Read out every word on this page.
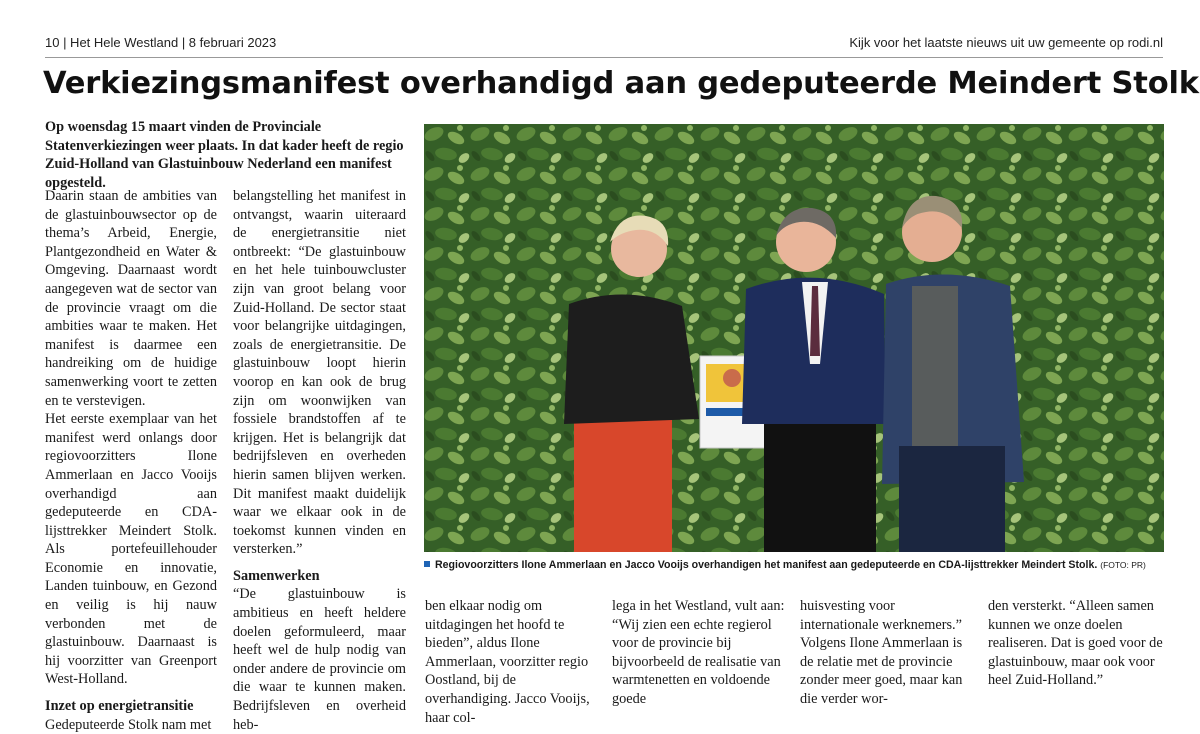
10 | Het Hele Westland | 8 februari 2023	Kijk voor het laatste nieuws uit uw gemeente op rodi.nl
Verkiezingsmanifest overhandigd aan gedeputeerde Meindert Stolk
Op woensdag 15 maart vinden de Provinciale Statenverkiezingen weer plaats. In dat kader heeft de regio Zuid-Holland van Glastuinbouw Nederland een manifest opgesteld.

Daarin staan de ambities van de glastuinbouwsector op de thema’s Arbeid, Energie, Plantgezondheid en Water & Omgeving. Daarnaast wordt aangegeven wat de sector van de provincie vraagt om die ambities waar te maken. Het manifest is daarmee een handreiking om de huidige samenwerking voort te zetten en te verstevigen.

Het eerste exemplaar van het manifest werd onlangs door regiovoorzitters Ilone Ammerlaan en Jacco Vooijs overhandigd aan gedeputeerde en CDA-lijsttrekker Meindert Stolk. Als portefeuillehouder Economie en innovatie, Landen tuinbouw, en Gezond en veilig is hij nauw verbonden met de glastuinbouw. Daarnaast is hij voorzitter van Greenport West-Holland.

Inzet op energietransitie

Gedeputeerde Stolk nam met

belangstelling het manifest in ontvangst, waarin uiteraard de energietransitie niet ontbreekt: “De glastuinbouw en het hele tuinbouwcluster zijn van groot belang voor Zuid-Holland. De sector staat voor belangrijke uitdagingen, zoals de energietransitie. De glastuinbouw loopt hierin voorop en kan ook de brug zijn om woonwijken van fossiele brandstoffen af te krijgen. Het is belangrijk dat bedrijfsleven en overheden hierin samen blijven werken. Dit manifest maakt duidelijk waar we elkaar ook in de toekomst kunnen vinden en versterken.”

Samenwerken

“De glastuinbouw is ambitieus en heeft heldere doelen geformuleerd, maar heeft wel de hulp nodig van onder andere de provincie om die waar te kunnen maken. Bedrijfsleven en overheid heb-

Regiovoorzitters Ilone Ammerlaan en Jacco Vooijs overhandigen het manifest aan gedeputeerde en CDA-lijsttrekker Meindert Stolk. (FOTO: PR)
ben elkaar nodig om uitdagingen het hoofd te bieden”, aldus Ilone Ammerlaan, voorzitter regio Oostland, bij de overhandiging. Jacco Vooijs, haar col-
lega in het Westland, vult aan: “Wij zien een echte regierol voor de provincie bij bijvoorbeeld de realisatie van warmtenetten en voldoende goede
huisvesting voor internationale werknemers.” Volgens Ilone Ammerlaan is de relatie met de provincie zonder meer goed, maar kan die verder wor-
den versterkt. “Alleen samen kunnen we onze doelen realiseren. Dat is goed voor de glastuinbouw, maar ook voor heel Zuid-Holland.”
